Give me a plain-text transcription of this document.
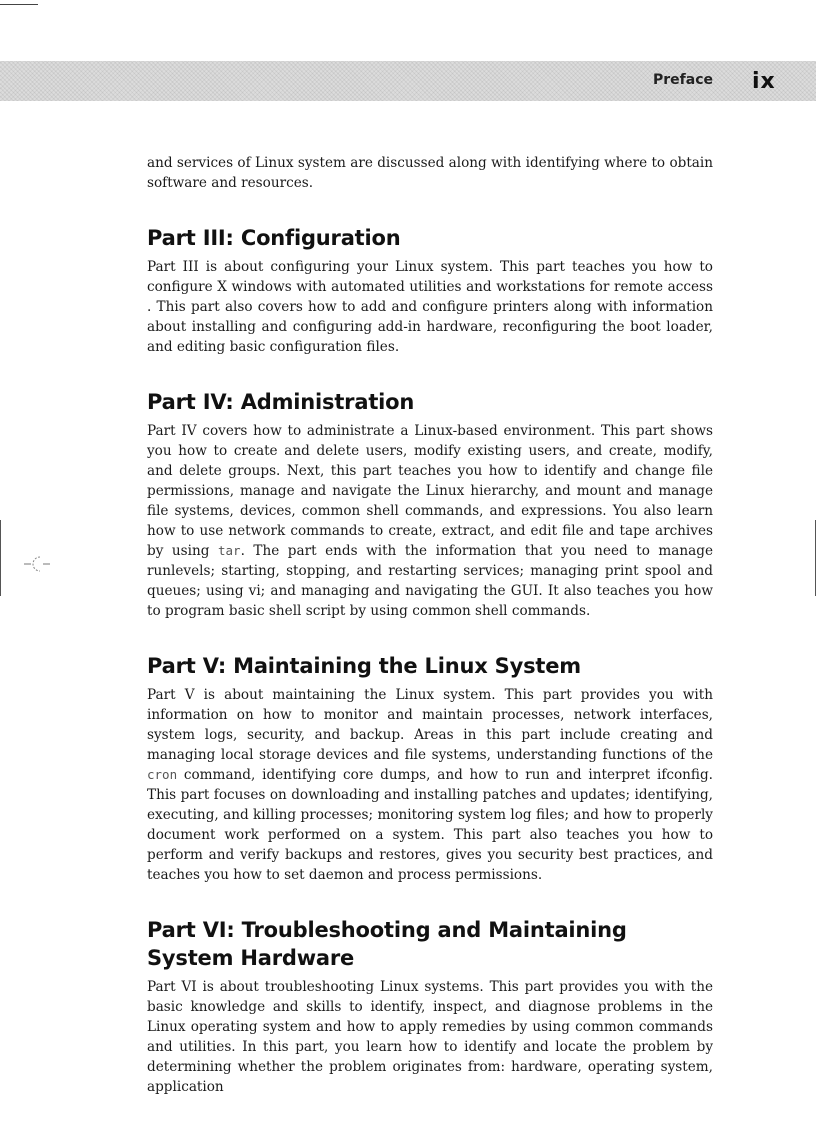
Preface ix

and services of Linux system are discussed along with identifying where to obtain software and resources.

Part III: Configuration

Part III is about configuring your Linux system. This part teaches you how to configure X windows with automated utilities and workstations for remote access . This part also covers how to add and configure printers along with information about installing and configuring add-in hardware, reconfiguring the boot loader, and editing basic configuration files.

Part IV: Administration

Part IV covers how to administrate a Linux-based environment. This part shows you how to create and delete users, modify existing users, and create, modify, and delete groups. Next, this part teaches you how to identify and change file permissions, manage and navigate the Linux hierarchy, and mount and manage file systems, devices, common shell commands, and expressions. You also learn how to use network commands to create, extract, and edit file and tape archives by using tar. The part ends with the information that you need to manage runlevels; starting, stopping, and restarting services; managing print spool and queues; using vi; and managing and navigating the GUI. It also teaches you how to program basic shell script by using common shell commands.

Part V: Maintaining the Linux System

Part V is about maintaining the Linux system. This part provides you with information on how to monitor and maintain processes, network interfaces, system logs, security, and backup. Areas in this part include creating and managing local storage devices and file systems, understanding functions of the cron command, identifying core dumps, and how to run and interpret ifconfig. This part focuses on downloading and installing patches and updates; identifying, executing, and killing processes; monitoring system log files; and how to properly document work performed on a system. This part also teaches you how to perform and verify backups and restores, gives you security best practices, and teaches you how to set daemon and process permissions.

Part VI: Troubleshooting and Maintaining System Hardware

Part VI is about troubleshooting Linux systems. This part provides you with the basic knowledge and skills to identify, inspect, and diagnose problems in the Linux operating system and how to apply remedies by using common commands and utilities. In this part, you learn how to identify and locate the problem by determining whether the problem originates from: hardware, operating system, application
